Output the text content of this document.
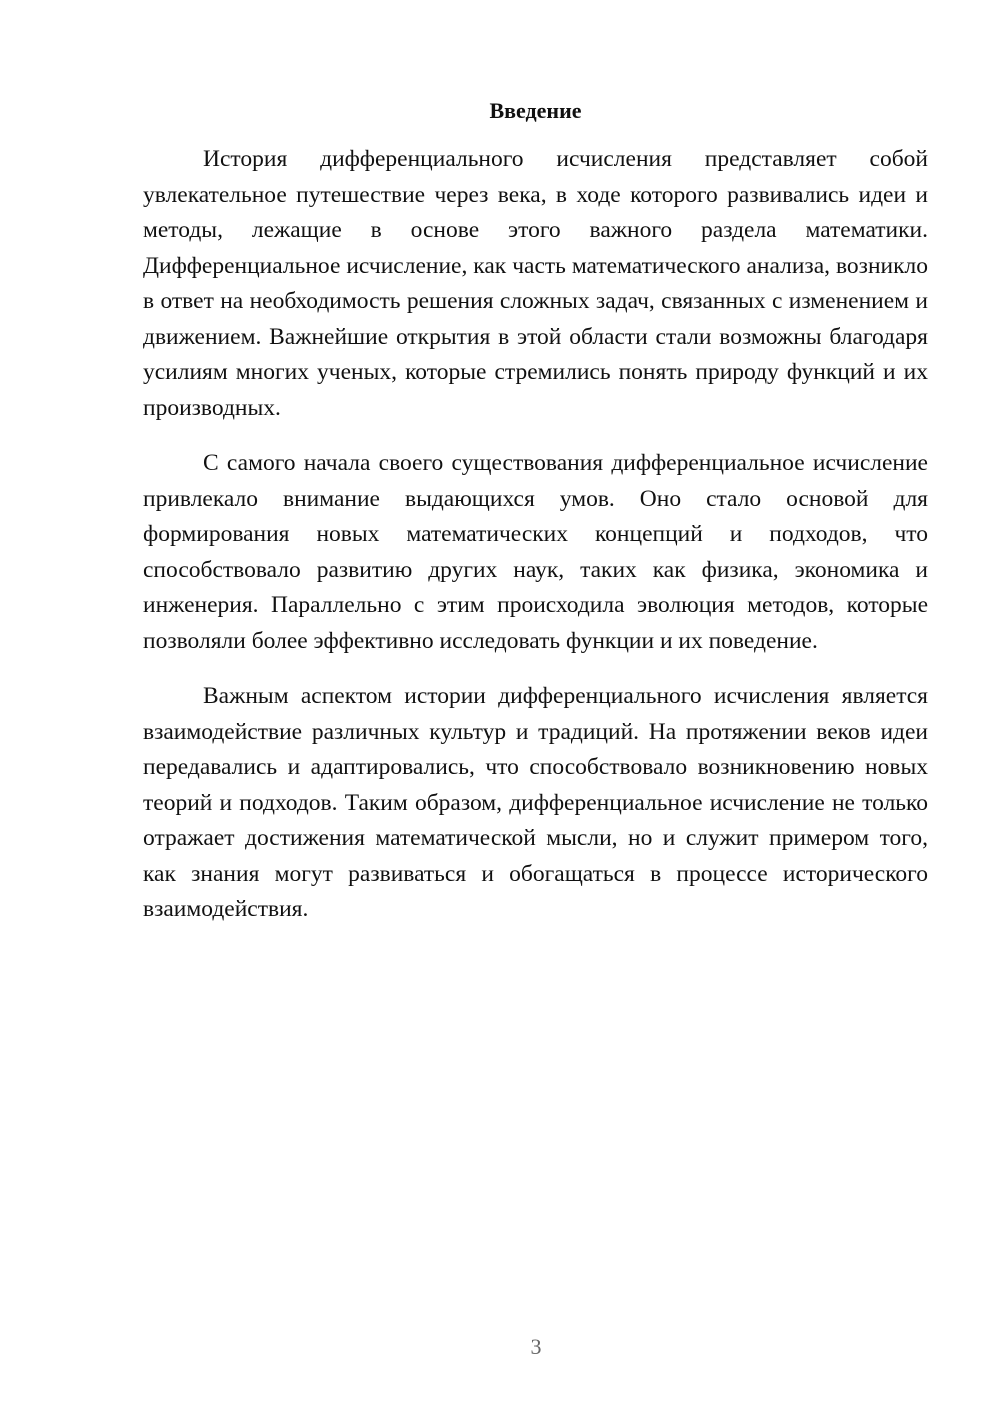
Введение

История дифференциального исчисления представляет собой увлекательное путешествие через века, в ходе которого развивались идеи и методы, лежащие в основе этого важного раздела математики. Дифференциальное исчисление, как часть математического анализа, возникло в ответ на необходимость решения сложных задач, связанных с изменением и движением. Важнейшие открытия в этой области стали возможны благодаря усилиям многих ученых, которые стремились понять природу функций и их производных.

С самого начала своего существования дифференциальное исчисление привлекало внимание выдающихся умов. Оно стало основой для формирования новых математических концепций и подходов, что способствовало развитию других наук, таких как физика, экономика и инженерия. Параллельно с этим происходила эволюция методов, которые позволяли более эффективно исследовать функции и их поведение.

Важным аспектом истории дифференциального исчисления является взаимодействие различных культур и традиций. На протяжении веков идеи передавались и адаптировались, что способствовало возникновению новых теорий и подходов. Таким образом, дифференциальное исчисление не только отражает достижения математической мысли, но и служит примером того, как знания могут развиваться и обогащаться в процессе исторического взаимодействия.

3
